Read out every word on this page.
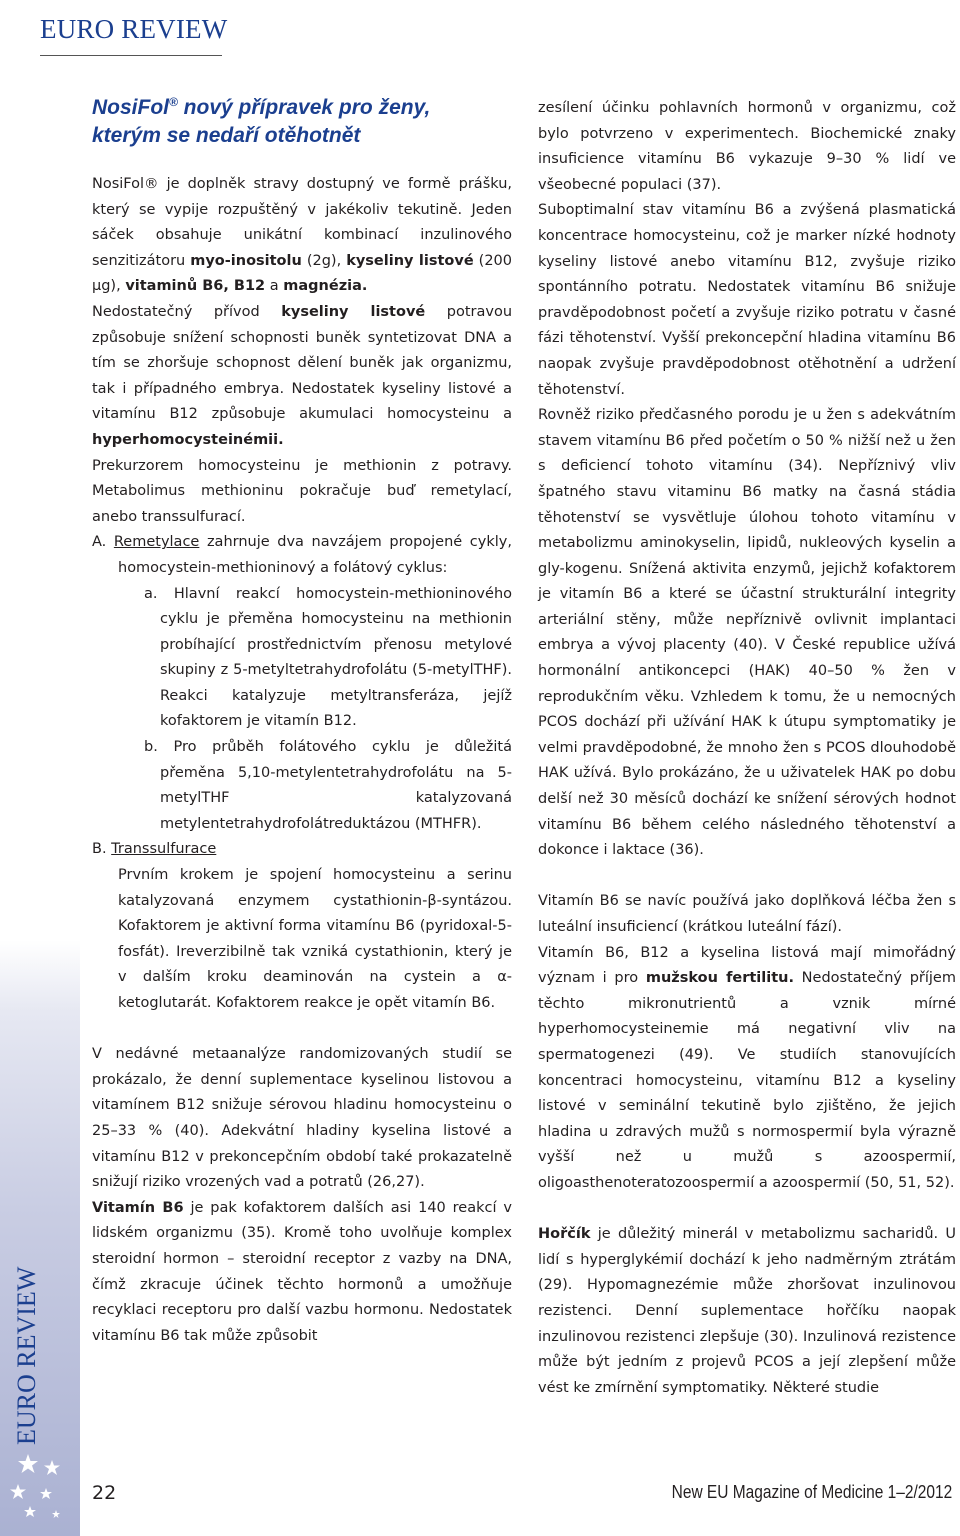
EURO REVIEW
EURO REVIEW
NosiFol® nový přípravek pro ženy,
kterým se nedaří otěhotnět

NosiFol® je doplněk stravy dostupný ve formě prášku, který se vypije rozpuštěný v jakékoliv tekutině. Jeden sáček obsahuje unikátní kombinací inzulinového senzitizátoru myo-inositolu (2g), kyseliny listové (200 µg), vitaminů B6, B12 a magnézia.

Nedostatečný přívod kyseliny listové potravou způsobuje snížení schopnosti buněk syntetizovat DNA a tím se zhoršuje schopnost dělení buněk jak organizmu, tak i případného embrya. Nedostatek kyseliny listové a vitamínu B12 způsobuje akumulaci homocysteinu a hyperhomocysteinémii.

Prekurzorem homocysteinu je methionin z potravy. Metabolimus methioninu pokračuje buď remetylací, anebo transsulfurací.

A. Remetylace zahrnuje dva navzájem propojené cykly, homocystein-methioninový a folátový cyklus:

a. Hlavní reakcí homocystein-methioninového cyklu je přeměna homocysteinu na methionin probíhající prostřednictvím přenosu metylové skupiny z 5-metyltetrahydrofolátu (5-metylTHF). Reakci katalyzuje metyltransferáza, jejíž kofaktorem je vitamín B12.

b. Pro průběh folátového cyklu je důležitá přeměna 5,10-metylentetrahydrofolátu na 5-metylTHF katalyzovaná metylentetrahydrofolátreduktázou (MTHFR).

B. Transsulfurace

Prvním krokem je spojení homocysteinu a serinu katalyzovaná enzymem cystathionin-β-syntázou. Kofaktorem je aktivní forma vitamínu B6 (pyridoxal-5-fosfát). Ireverzibilně tak vzniká cystathionin, který je v dalším kroku deaminován na cystein a α-ketoglutarát. Kofaktorem reakce je opět vitamín B6.

V nedávné metaanalýze randomizovaných studií se prokázalo, že denní suplementace kyselinou listovou a vitamínem B12 snižuje sérovou hladinu homocysteinu o 25–33 % (40). Adekvátní hladiny kyselina listové a vitamínu B12 v prekoncepčním období také prokazatelně snižují riziko vrozených vad a potratů (26,27).

Vitamín B6 je pak kofaktorem dalších asi 140 reakcí v lidském organizmu (35). Kromě toho uvolňuje komplex steroidní hormon – steroidní receptor z vazby na DNA, čímž zkracuje účinek těchto hormonů a umožňuje recyklaci receptoru pro další vazbu hormonu. Nedostatek vitamínu B6 tak může způsobit

zesílení účinku pohlavních hormonů v organizmu, což bylo potvrzeno v experimentech. Biochemické znaky insuficience vitamínu B6 vykazuje 9–30 % lidí ve všeobecné populaci (37).

Suboptimalní stav vitamínu B6 a zvýšená plasmatická koncentrace homocysteinu, což je marker nízké hodnoty kyseliny listové anebo vitamínu B12, zvyšuje riziko spontánního potratu. Nedostatek vitamínu B6 snižuje pravděpodobnost početí a zvyšuje riziko potratu v časné fázi těhotenství. Vyšší prekoncepční hladina vitamínu B6 naopak zvyšuje pravděpodobnost otěhotnění a udržení těhotenství.

Rovněž riziko předčasného porodu je u žen s adekvátním stavem vitamínu B6 před početím o 50 % nižší než u žen s deficiencí tohoto vitamínu (34). Nepříznivý vliv špatného stavu vitaminu B6 matky na časná stádia těhotenství se vysvětluje úlohou tohoto vitamínu v metabolizmu aminokyselin, lipidů, nukleových kyselin a gly-kogenu. Snížená aktivita enzymů, jejichž kofaktorem je vitamín B6 a které se účastní strukturální integrity arteriální stěny, může nepříznivě ovlivnit implantaci embrya a vývoj placenty (40). V České republice užívá hormonální antikoncepci (HAK) 40–50 % žen v reprodukčním věku. Vzhledem k tomu, že u nemocných PCOS dochází při užívání HAK k útupu symptomatiky je velmi pravděpodobné, že mnoho žen s PCOS dlouhodobě HAK užívá. Bylo prokázáno, že u uživatelek HAK po dobu delší než 30 měsíců dochází ke snížení sérových hodnot vitamínu B6 během celého následného těhotenství a dokonce i laktace (36).

Vitamín B6 se navíc používá jako doplňková léčba žen s luteální insuficiencí (krátkou luteální fází).

Vitamín B6, B12 a kyselina listová mají mimořádný význam i pro mužskou fertilitu. Nedostatečný příjem těchto mikronutrientů a vznik mírné hyperhomocysteinemie má negativní vliv na spermatogenezi (49). Ve studiích stanovujících koncentraci homocysteinu, vitamínu B12 a kyseliny listové v seminální tekutině bylo zjištěno, že jejich hladina u zdravých mužů s normospermií byla výrazně vyšší než u mužů s azoospermií, oligoasthenoteratozoospermií a azoospermií (50, 51, 52).

Hořčík je důležitý minerál v metabolizmu sacharidů. U lidí s hyperglykémií dochází k jeho nadměrným ztrátám (29). Hypomagnezémie může zhoršovat inzulinovou rezistenci. Denní suplementace hořčíku naopak inzulinovou rezistenci zlepšuje (30). Inzulinová rezistence může být jedním z projevů PCOS a její zlepšení může vést ke zmírnění symptomatiky. Některé studie

22	New EU Magazine of Medicine 1–2/2012
